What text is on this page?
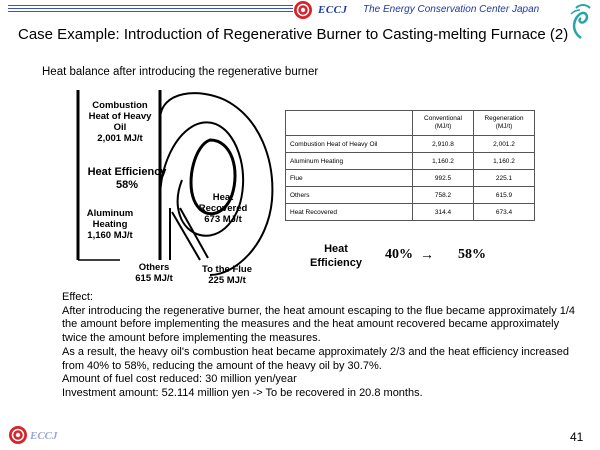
ECCJ The Energy Conservation Center Japan
Case Example: Introduction of Regenerative Burner to Casting-melting Furnace (2)
Heat balance after introducing the regenerative burner
Combustion
Heat of Heavy
Oil
2,001 MJ/t
Heat Efficiency
58%
Aluminum
Heating
1,160 MJ/t
Heat
Recovered
673 MJ/t
Others
615 MJ/t
To the Flue
225 MJ/t
	Conventional (MJ/t)	Regeneration (MJ/t)
Combustion Heat of Heavy Oil	2,910.8	2,001.2
Aluminum Heating	1,160.2	1,160.2
Flue	992.5	225.1
Others	758.2	615.9
Heat Recovered	314.4	673.4
Heat
Efficiency
40% → 58%

Effect:

After introducing the regenerative burner, the heat amount escaping to the flue became approximately 1/4 the amount before implementing the measures and the heat amount recovered became approximately twice the amount before implementing the measures.

As a result, the heavy oil's combustion heat became approximately 2/3 and the heat efficiency increased from 40% to 58%, reducing the amount of the heavy oil by 30.7%.

Amount of fuel cost reduced: 30 million yen/year

Investment amount: 52.114 million yen -> To be recovered in 20.8 months.

ECCJ	41
